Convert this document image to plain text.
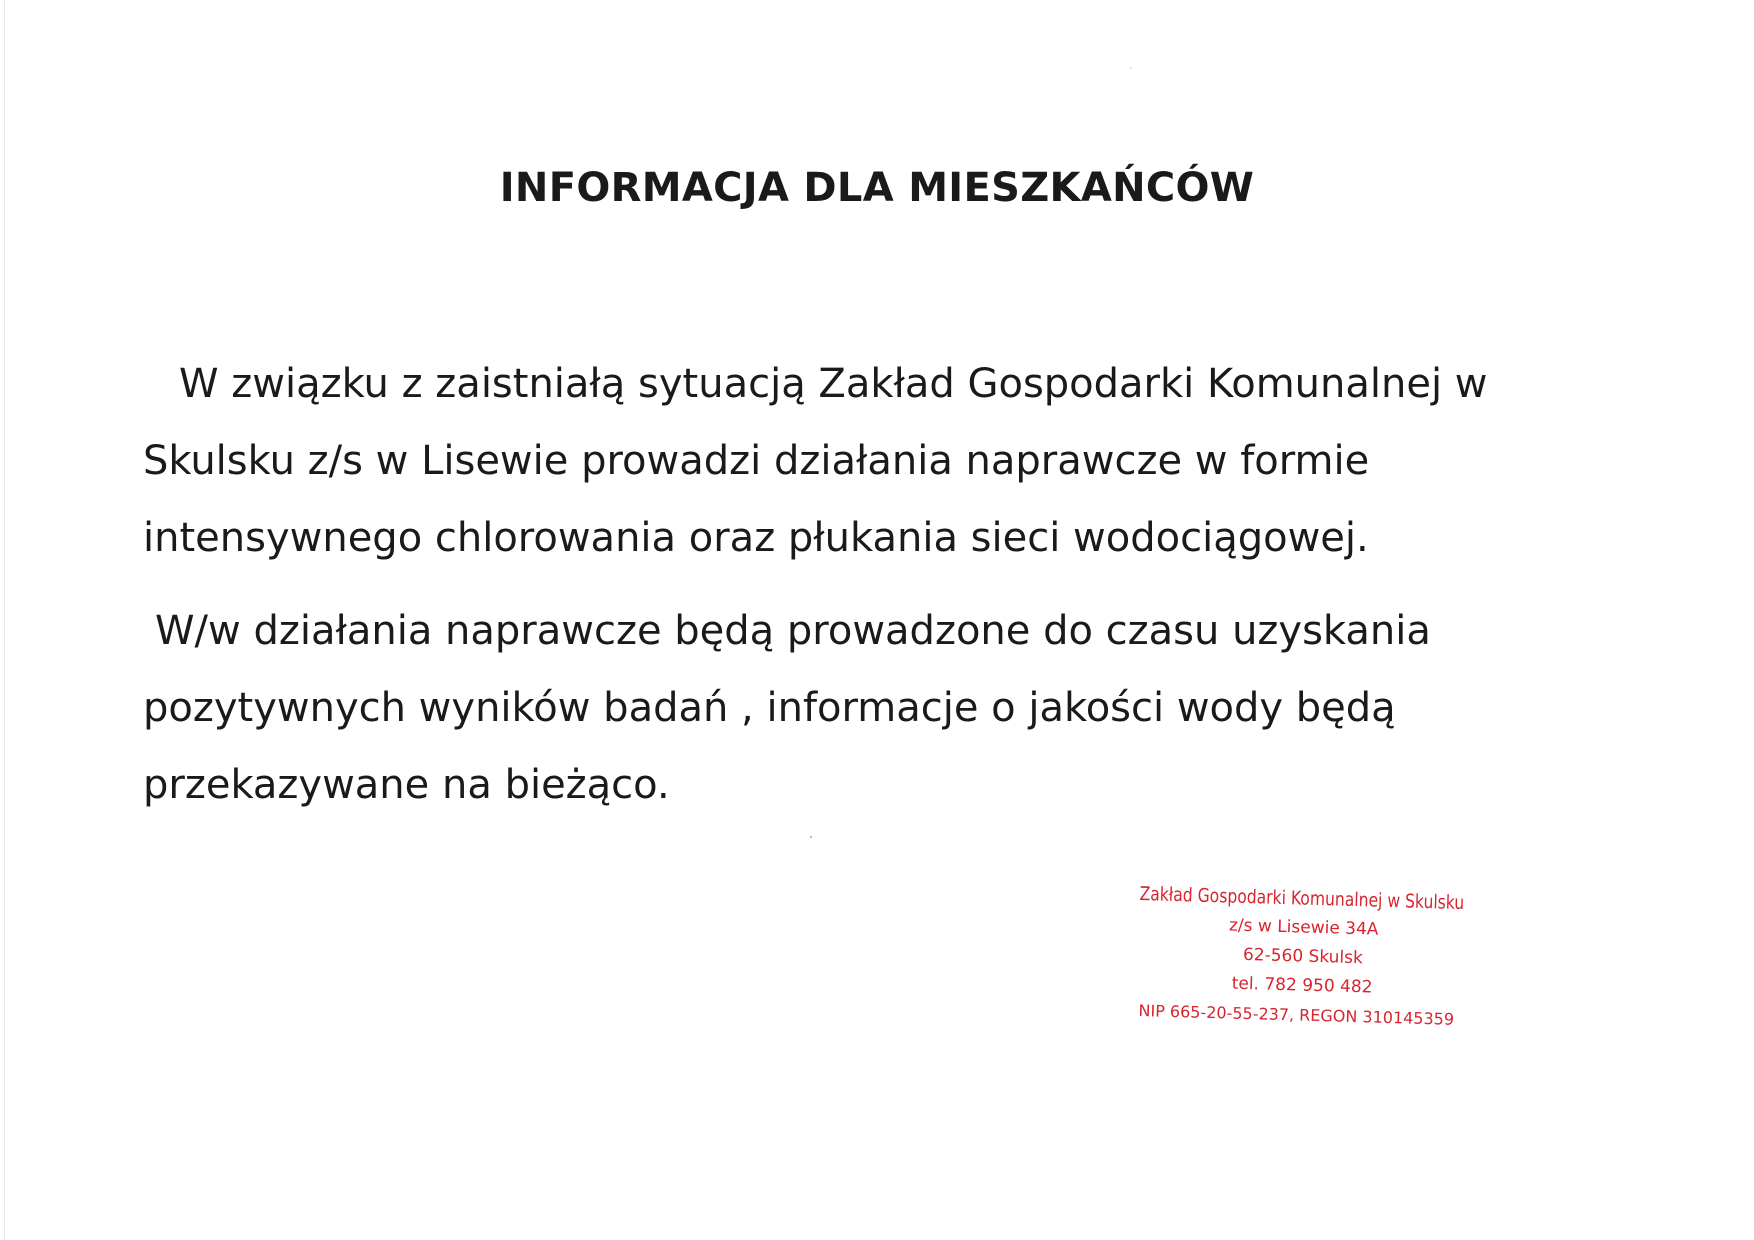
INFORMACJA DLA MIESZKAŃCÓW
W związku z zaistniałą sytuacją Zakład Gospodarki Komunalnej w
Skulsku z/s w Lisewie prowadzi działania naprawcze w formie
intensywnego chlorowania oraz płukania sieci wodociągowej.
W/w działania naprawcze będą prowadzone do czasu uzyskania
pozytywnych wyników badań , informacje o jakości wody będą
przekazywane na bieżąco.
Zakład Gospodarki Komunalnej w Skulsku
z/s w Lisewie 34A
62-560 Skulsk
tel. 782 950 482
NIP 665-20-55-237, REGON 310145359
